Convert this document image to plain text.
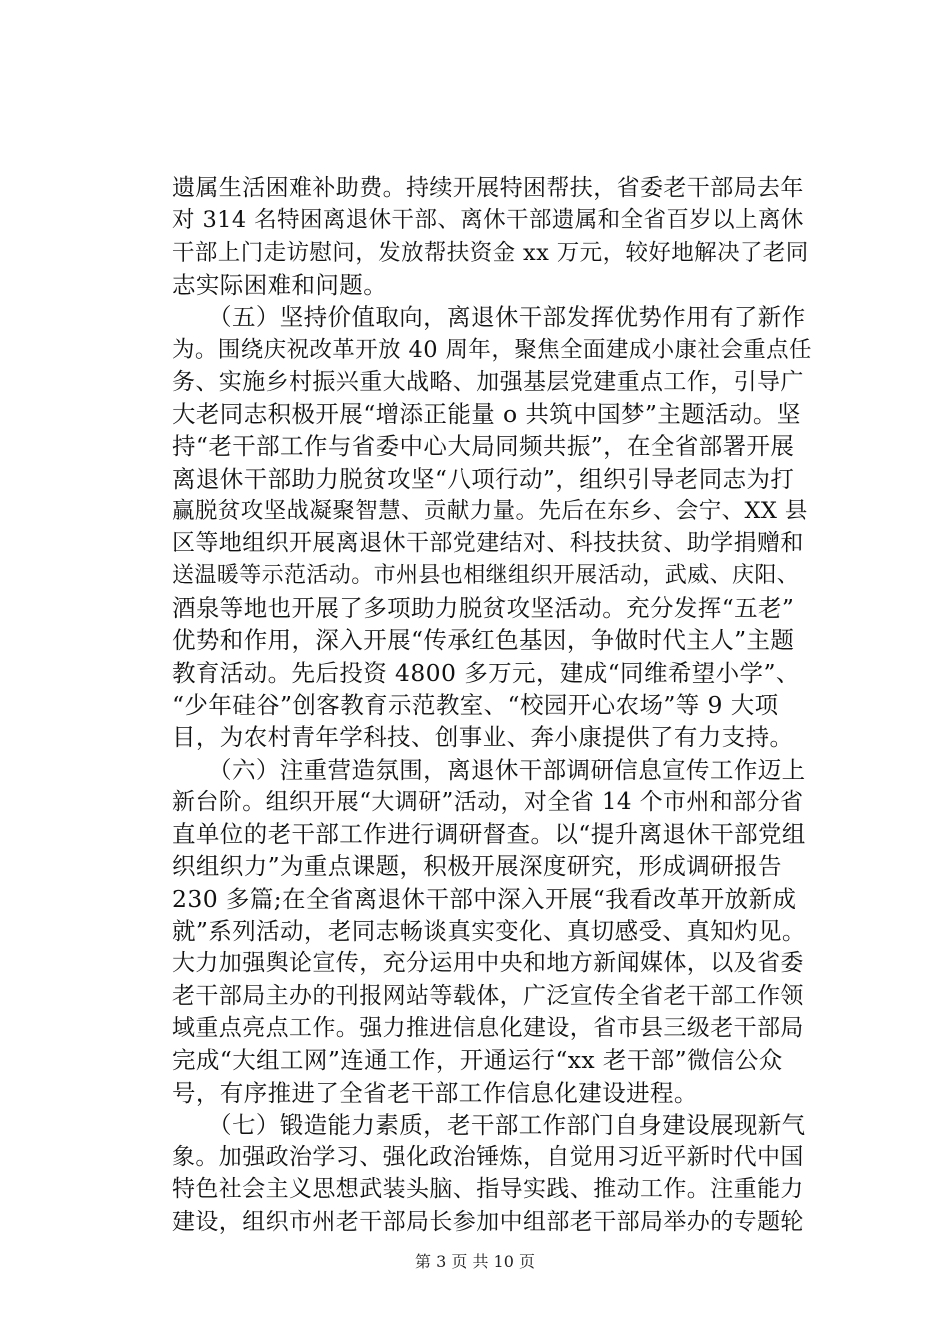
遗属生活困难补助费。持续开展特困帮扶，省委老干部局去年
对 314 名特困离退休干部、离休干部遗属和全省百岁以上离休
干部上门走访慰问，发放帮扶资金 xx 万元，较好地解决了老同
志实际困难和问题。
　　（五）坚持价值取向，离退休干部发挥优势作用有了新作
为。围绕庆祝改革开放 40 周年，聚焦全面建成小康社会重点任
务、实施乡村振兴重大战略、加强基层党建重点工作，引导广
大老同志积极开展“增添正能量 o 共筑中国梦”主题活动。坚
持“老干部工作与省委中心大局同频共振”，在全省部署开展
离退休干部助力脱贫攻坚“八项行动”，组织引导老同志为打
赢脱贫攻坚战凝聚智慧、贡献力量。先后在东乡、会宁、XX 县
区等地组织开展离退休干部党建结对、科技扶贫、助学捐赠和
送温暖等示范活动。市州县也相继组织开展活动，武威、庆阳、
酒泉等地也开展了多项助力脱贫攻坚活动。充分发挥“五老”
优势和作用，深入开展“传承红色基因，争做时代主人”主题
教育活动。先后投资 4800 多万元，建成“同维希望小学”、
“少年硅谷”创客教育示范教室、“校园开心农场”等 9 大项
目，为农村青年学科技、创事业、奔小康提供了有力支持。
　　（六）注重营造氛围，离退休干部调研信息宣传工作迈上
新台阶。组织开展“大调研”活动，对全省 14 个市州和部分省
直单位的老干部工作进行调研督查。以“提升离退休干部党组
织组织力”为重点课题，积极开展深度研究，形成调研报告
230 多篇;在全省离退休干部中深入开展“我看改革开放新成
就”系列活动，老同志畅谈真实变化、真切感受、真知灼见。
大力加强舆论宣传，充分运用中央和地方新闻媒体，以及省委
老干部局主办的刊报网站等载体，广泛宣传全省老干部工作领
域重点亮点工作。强力推进信息化建设，省市县三级老干部局
完成“大组工网”连通工作，开通运行“xx 老干部”微信公众
号，有序推进了全省老干部工作信息化建设进程。
　　（七）锻造能力素质，老干部工作部门自身建设展现新气
象。加强政治学习、强化政治锤炼，自觉用习近平新时代中国
特色社会主义思想武装头脑、指导实践、推动工作。注重能力
建设，组织市州老干部局长参加中组部老干部局举办的专题轮
第 3 页 共 10 页
